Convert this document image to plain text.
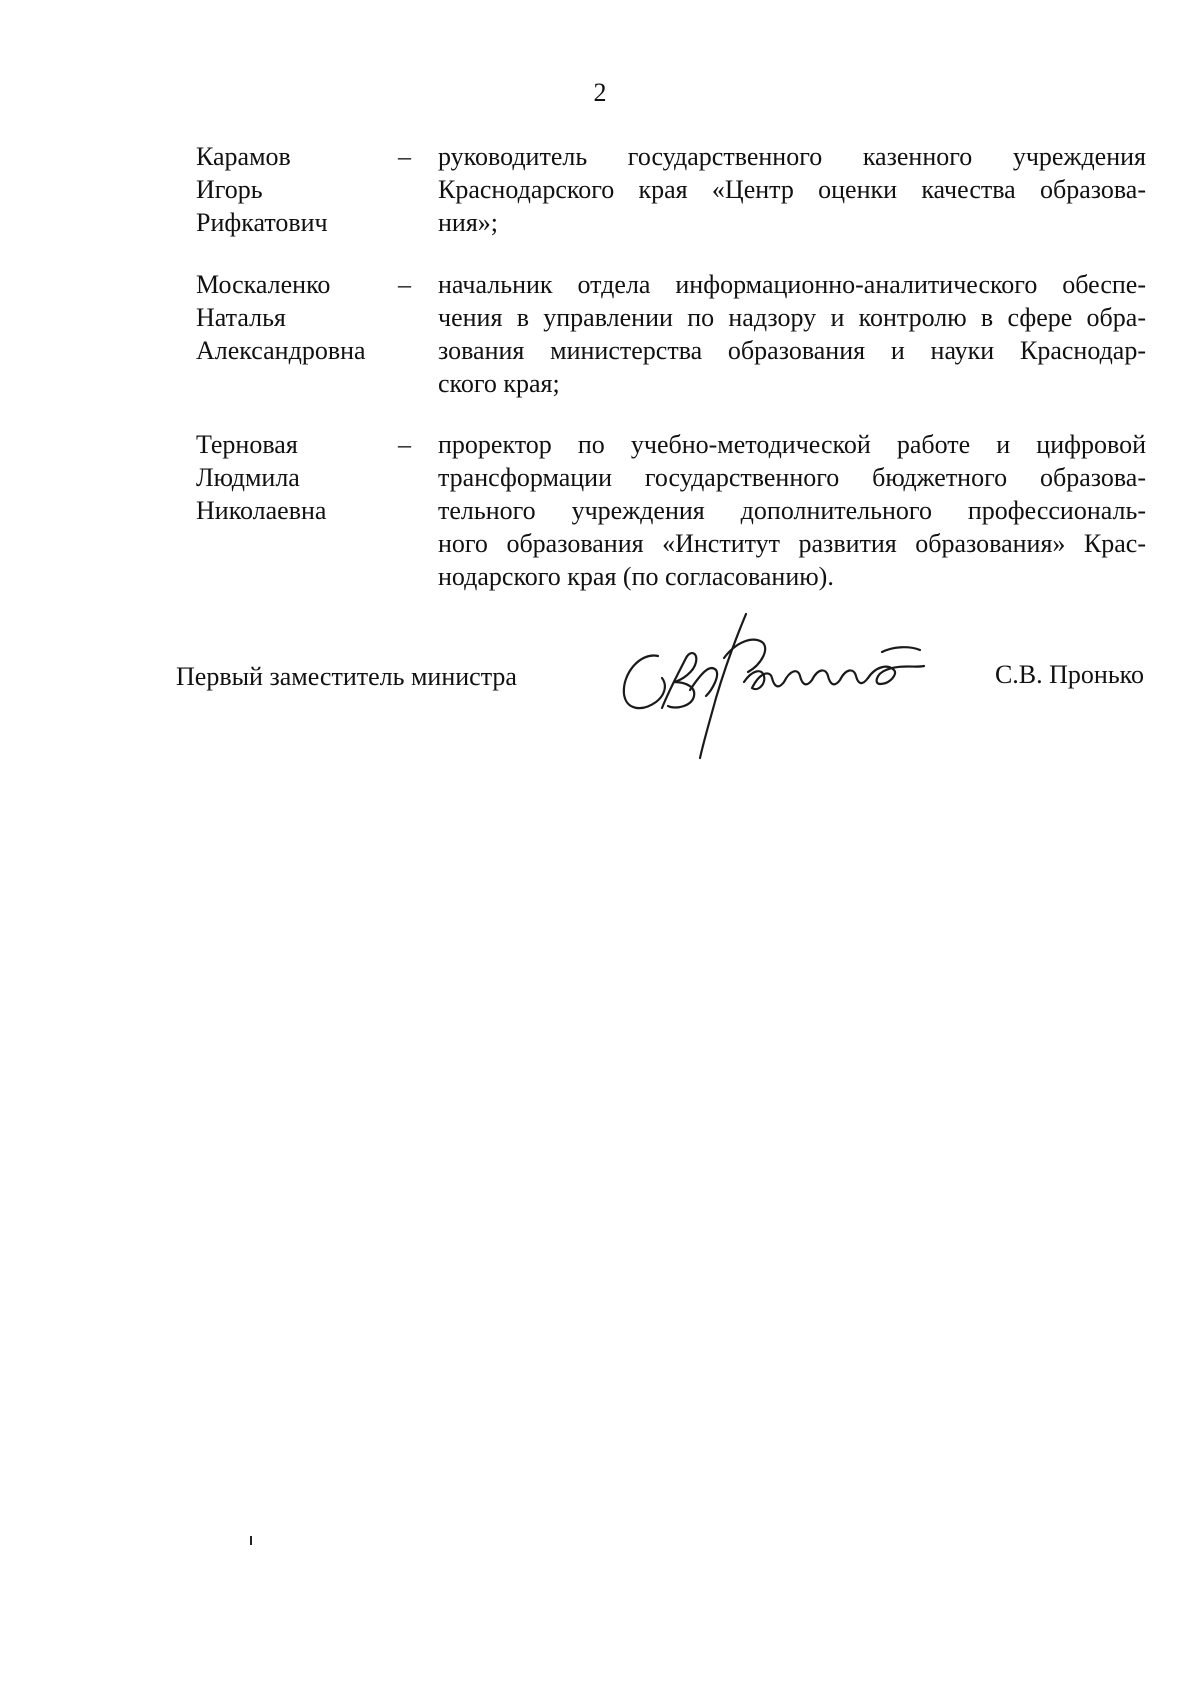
2
Карамов
Игорь
Рифкатович
– руководитель государственного казенного учреждения
Краснодарского края «Центр оценки качества образова-
ния»;
Москаленко
Наталья
Александровна
– начальник отдела информационно-аналитического обеспе-
чения в управлении по надзору и контролю в сфере обра-
зования министерства образования и науки Краснодар-
ского края;
Терновая
Людмила
Николаевна
– проректор по учебно-методической работе и цифровой
трансформации государственного бюджетного образова-
тельного учреждения дополнительного профессиональ-
ного образования «Институт развития образования» Крас-
нодарского края (по согласованию).
Первый заместитель министра	С.В. Пронько
